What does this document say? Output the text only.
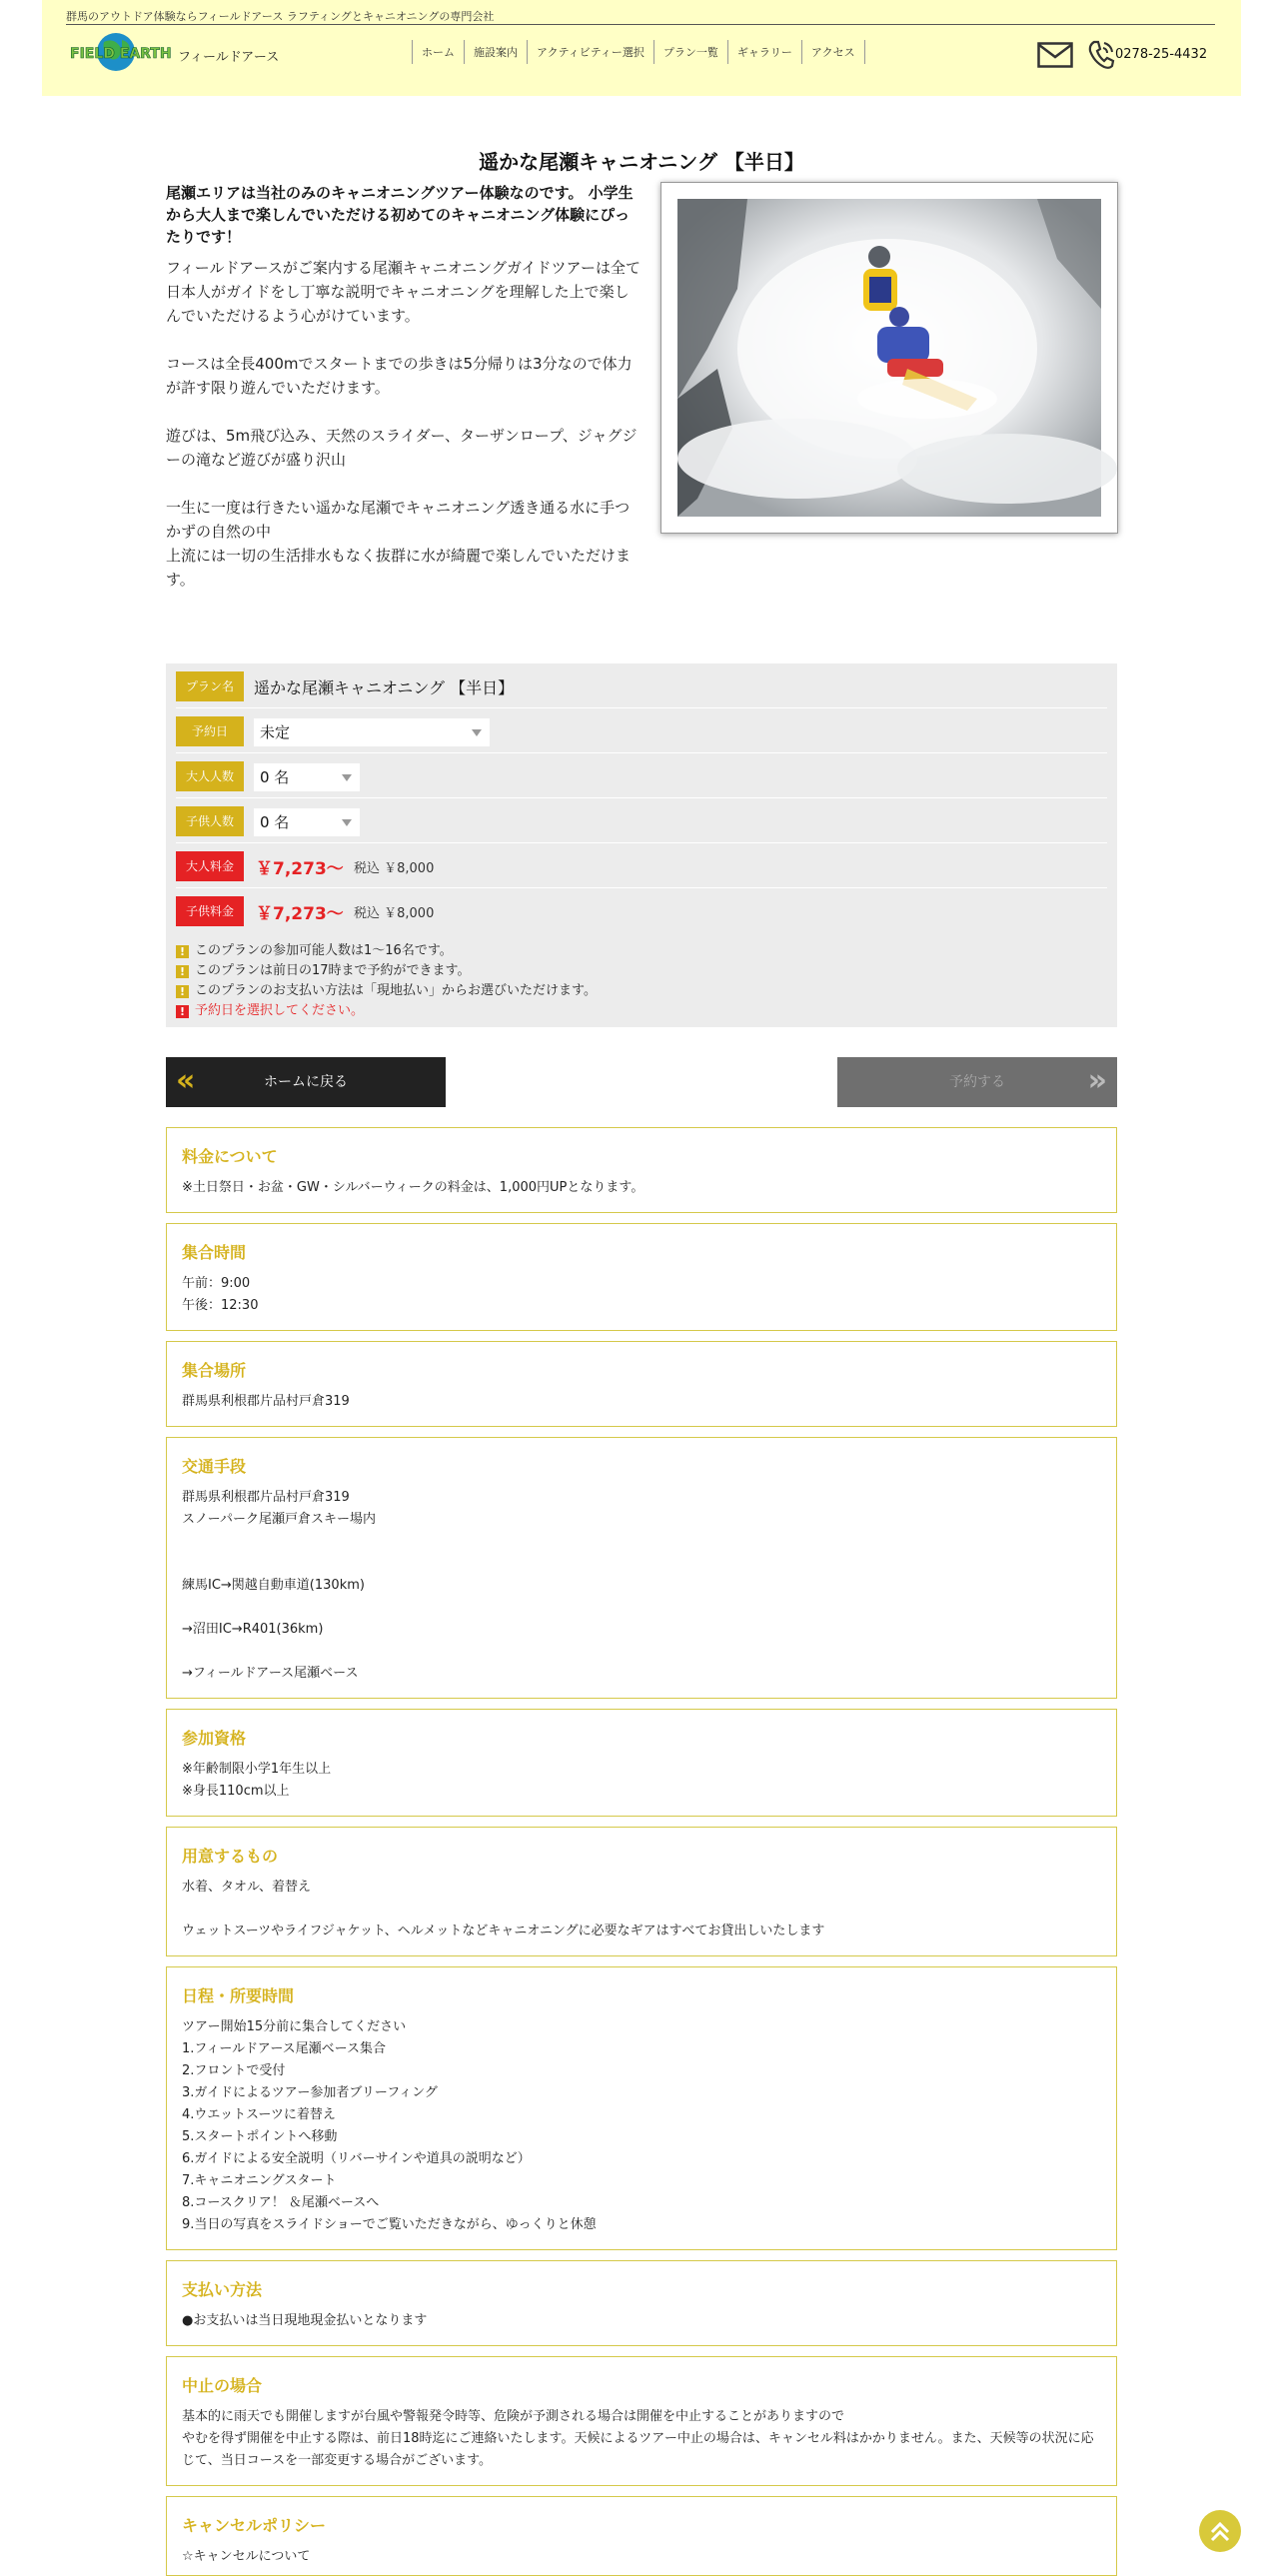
群馬のアウトドア体験ならフィールドアース ラフティングとキャニオニングの専門会社
FIELD EARTH フィールドアース	ホーム	施設案内	アクティビティー選択	プラン一覧	ギャラリー	アクセス	0278-25-4432
遥かな尾瀬キャニオニング 【半日】
尾瀬エリアは当社のみのキャニオニングツアー体験なのです。 小学生から大人まで楽しんでいただける初めてのキャニオニング体験にぴったりです！

フィールドアースがご案内する尾瀬キャニオニングガイドツアーは全て日本人がガイドをし丁寧な説明でキャニオニングを理解した上で楽しんでいただけるよう心がけています。

コースは全長400mでスタートまでの歩きは5分帰りは3分なので体力が許す限り遊んでいただけます。

遊びは、5m飛び込み、天然のスライダー、ターザンロープ、ジャグジーの滝など遊びが盛り沢山

一生に一度は行きたい遥かな尾瀬でキャニオニング透き通る水に手つかずの自然の中
上流には一切の生活排水もなく抜群に水が綺麗で楽しんでいただけます。

プラン名	遥かな尾瀬キャニオニング 【半日】
予約日	未定
大人人数	0 名
子供人数	0 名
大人料金	￥7,273～ 税込 ￥8,000
子供料金	￥7,273～ 税込 ￥8,000
! このプランの参加可能人数は1～16名です。
! このプランは前日の17時まで予約ができます。
! このプランのお支払い方法は「現地払い」からお選びいただけます。
! 予約日を選択してください。
«	ホームに戻る	予約する	»
料金について
※土日祭日・お盆・GW・シルバーウィークの料金は、1,000円UPとなります。
集合時間
午前：9:00
午後：12:30
集合場所
群馬県利根郡片品村戸倉319
交通手段
群馬県利根郡片品村戸倉319
スノーパーク尾瀬戸倉スキー場内

練馬IC→関越自動車道(130km)

→沼田IC→R401(36km)

→フィールドアース尾瀬ベース
参加資格
※年齢制限小学1年生以上
※身長110cm以上
用意するもの
水着、タオル、着替え

ウェットスーツやライフジャケット、ヘルメットなどキャニオニングに必要なギアはすべてお貸出しいたします
日程・所要時間
ツアー開始15分前に集合してください
1.フィールドアース尾瀬ベース集合
2.フロントで受付
3.ガイドによるツアー参加者ブリーフィング
4.ウエットスーツに着替え
5.スタートポイントへ移動
6.ガイドによる安全説明（リバーサインや道具の説明など）
7.キャニオニングスタート
8.コースクリア！ ＆尾瀬ベースへ
9.当日の写真をスライドショーでご覧いただきながら、ゆっくりと休憩
支払い方法
●お支払いは当日現地現金払いとなります
中止の場合
基本的に雨天でも開催しますが台風や警報発令時等、危険が予測される場合は開催を中止することがありますので
やむを得ず開催を中止する際は、前日18時迄にご連絡いたします。天候によるツアー中止の場合は、キャンセル料はかかりません。また、天候等の状況に応じて、当日コースを一部変更する場合がございます。
キャンセルポリシー
☆キャンセルについて
